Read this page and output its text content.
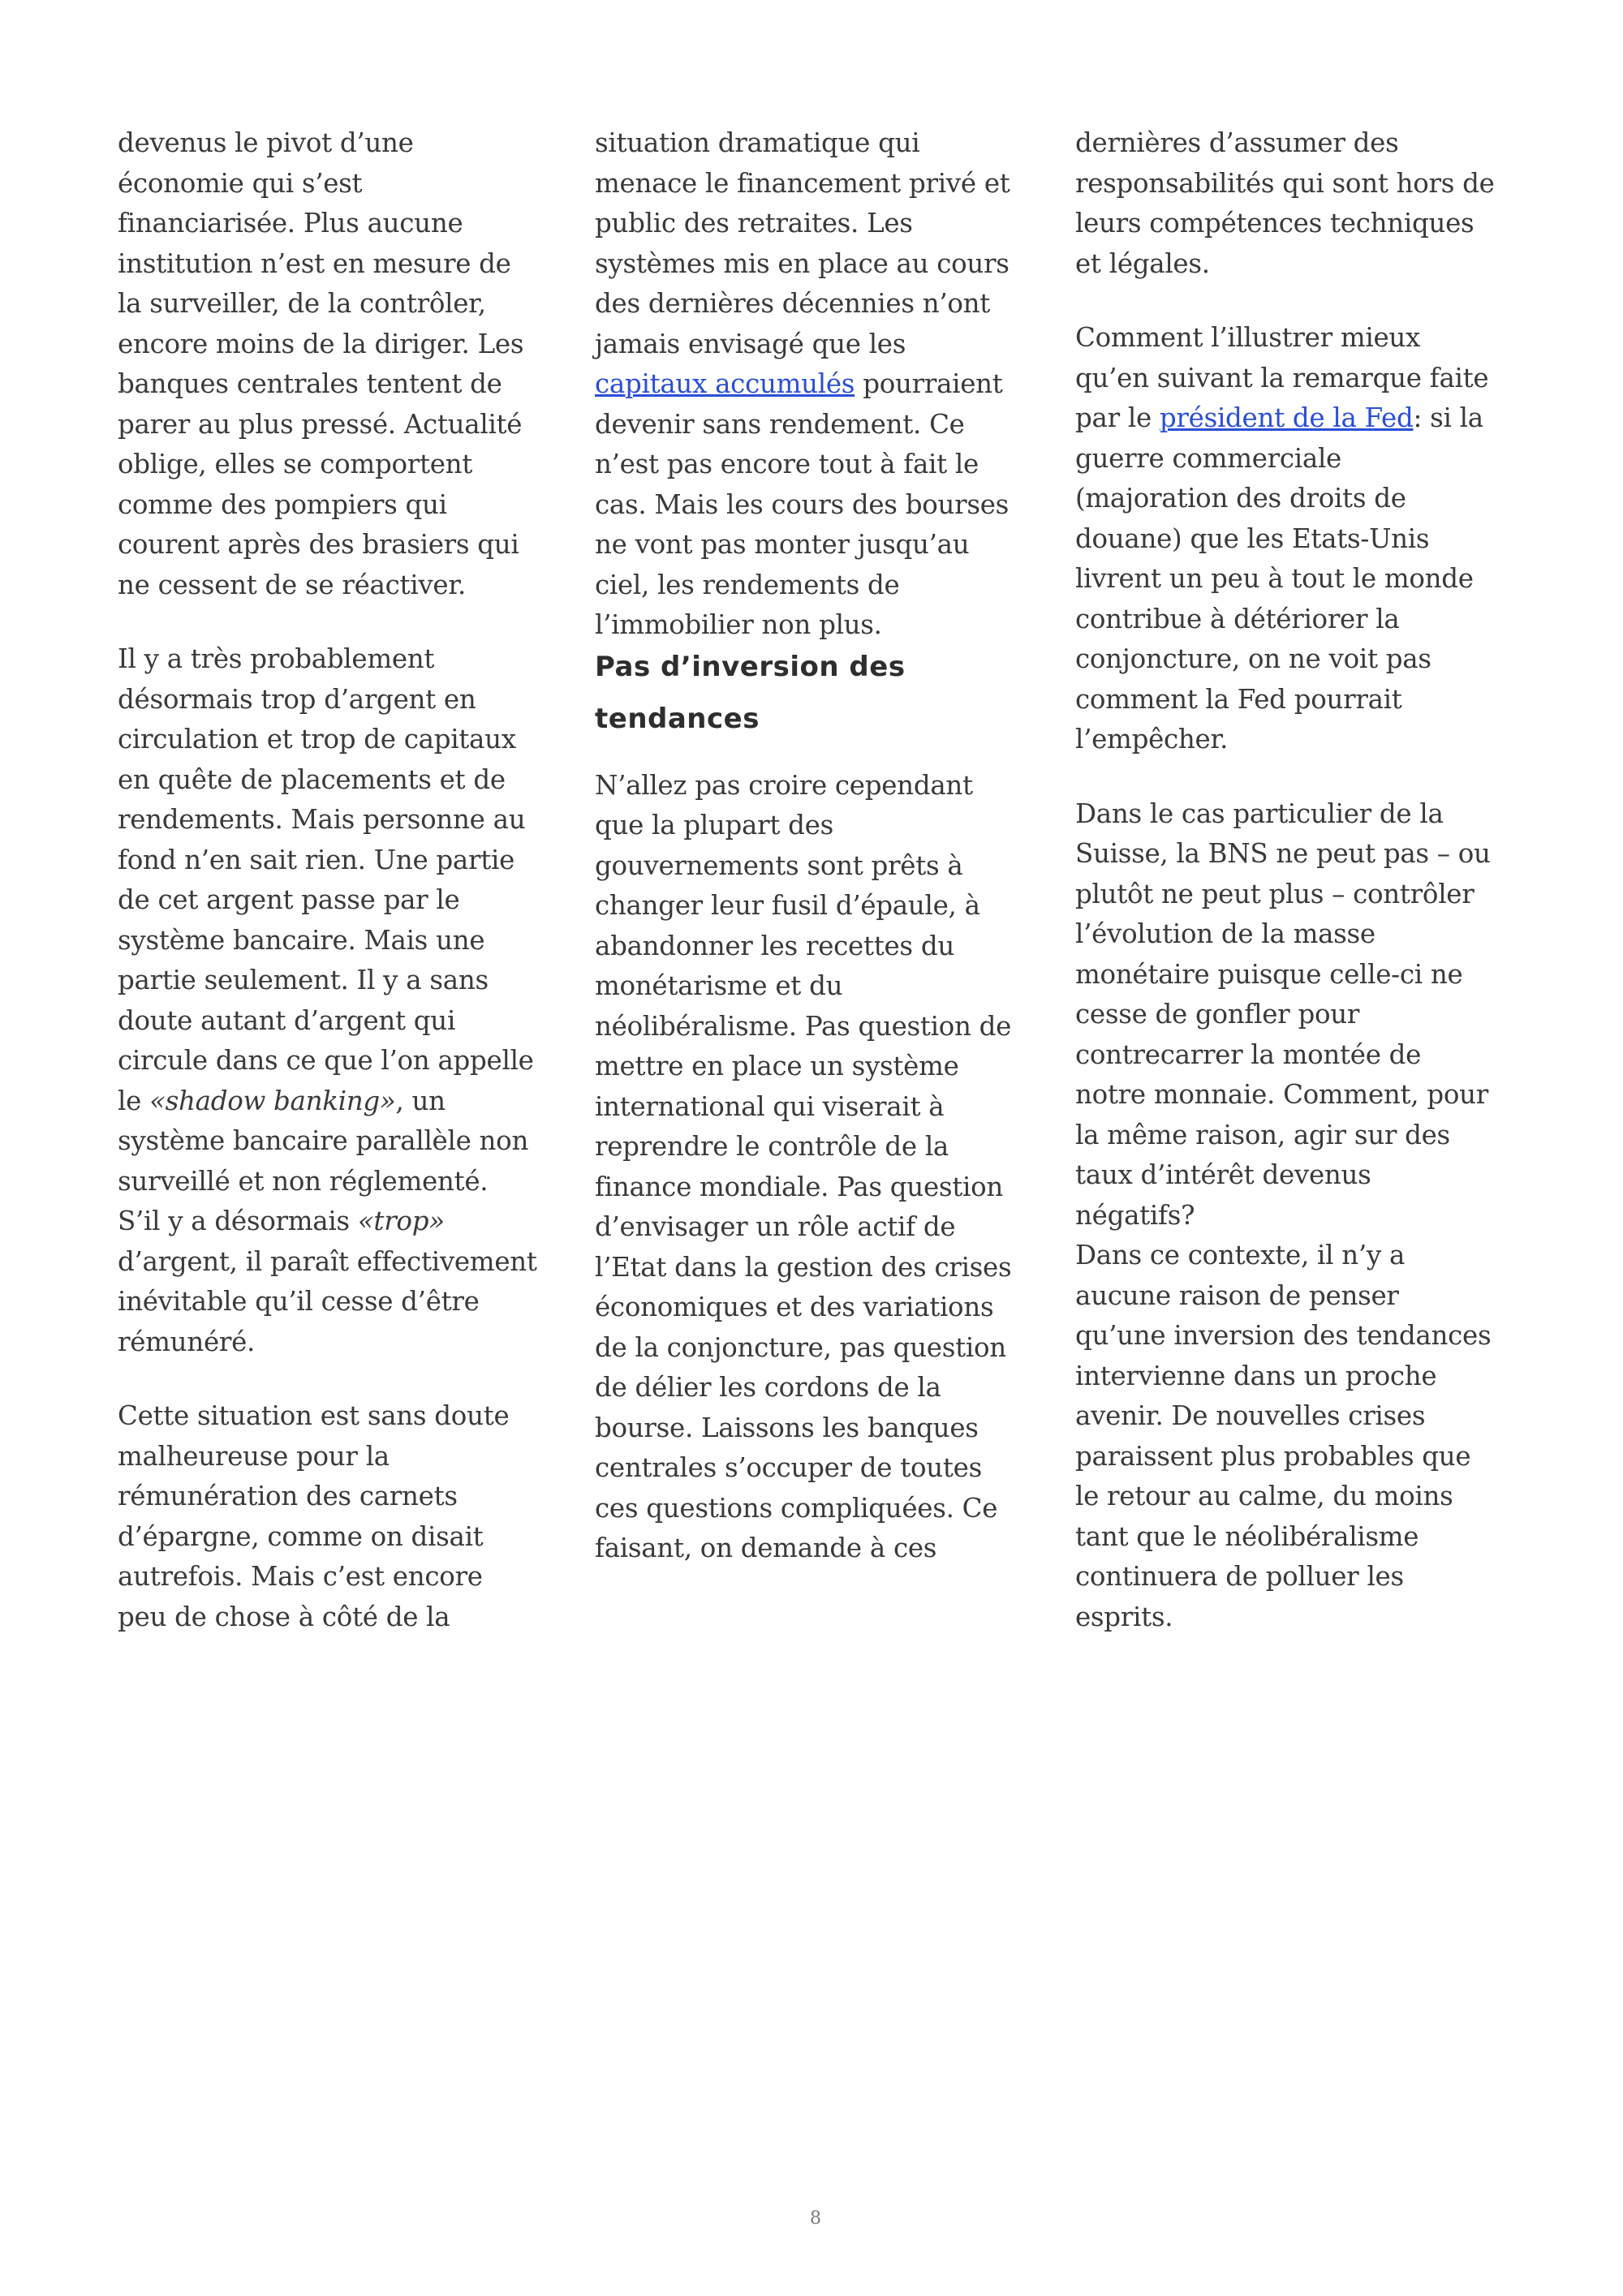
devenus le pivot d’une
économie qui s’est
financiarisée. Plus aucune
institution n’est en mesure de
la surveiller, de la contrôler,
encore moins de la diriger. Les
banques centrales tentent de
parer au plus pressé. Actualité
oblige, elles se comportent
comme des pompiers qui
courent après des brasiers qui
ne cessent de se réactiver.
Il y a très probablement
désormais trop d’argent en
circulation et trop de capitaux
en quête de placements et de
rendements. Mais personne au
fond n’en sait rien. Une partie
de cet argent passe par le
système bancaire. Mais une
partie seulement. Il y a sans
doute autant d’argent qui
circule dans ce que l’on appelle
le «shadow banking», un
système bancaire parallèle non
surveillé et non réglementé.
S’il y a désormais «trop»
d’argent, il paraît effectivement
inévitable qu’il cesse d’être
rémunéré.
Cette situation est sans doute
malheureuse pour la
rémunération des carnets
d’épargne, comme on disait
autrefois. Mais c’est encore
peu de chose à côté de la
situation dramatique qui
menace le financement privé et
public des retraites. Les
systèmes mis en place au cours
des dernières décennies n’ont
jamais envisagé que les
capitaux accumulés pourraient
devenir sans rendement. Ce
n’est pas encore tout à fait le
cas. Mais les cours des bourses
ne vont pas monter jusqu’au
ciel, les rendements de
l’immobilier non plus.
Pas d’inversion des
tendances
N’allez pas croire cependant
que la plupart des
gouvernements sont prêts à
changer leur fusil d’épaule, à
abandonner les recettes du
monétarisme et du
néolibéralisme. Pas question de
mettre en place un système
international qui viserait à
reprendre le contrôle de la
finance mondiale. Pas question
d’envisager un rôle actif de
l’Etat dans la gestion des crises
économiques et des variations
de la conjoncture, pas question
de délier les cordons de la
bourse. Laissons les banques
centrales s’occuper de toutes
ces questions compliquées. Ce
faisant, on demande à ces
dernières d’assumer des
responsabilités qui sont hors de
leurs compétences techniques
et légales.
Comment l’illustrer mieux
qu’en suivant la remarque faite
par le président de la Fed: si la
guerre commerciale
(majoration des droits de
douane) que les Etats-Unis
livrent un peu à tout le monde
contribue à détériorer la
conjoncture, on ne voit pas
comment la Fed pourrait
l’empêcher.
Dans le cas particulier de la
Suisse, la BNS ne peut pas – ou
plutôt ne peut plus – contrôler
l’évolution de la masse
monétaire puisque celle-ci ne
cesse de gonfler pour
contrecarrer la montée de
notre monnaie. Comment, pour
la même raison, agir sur des
taux d’intérêt devenus
négatifs?
Dans ce contexte, il n’y a
aucune raison de penser
qu’une inversion des tendances
intervienne dans un proche
avenir. De nouvelles crises
paraissent plus probables que
le retour au calme, du moins
tant que le néolibéralisme
continuera de polluer les
esprits.
8
